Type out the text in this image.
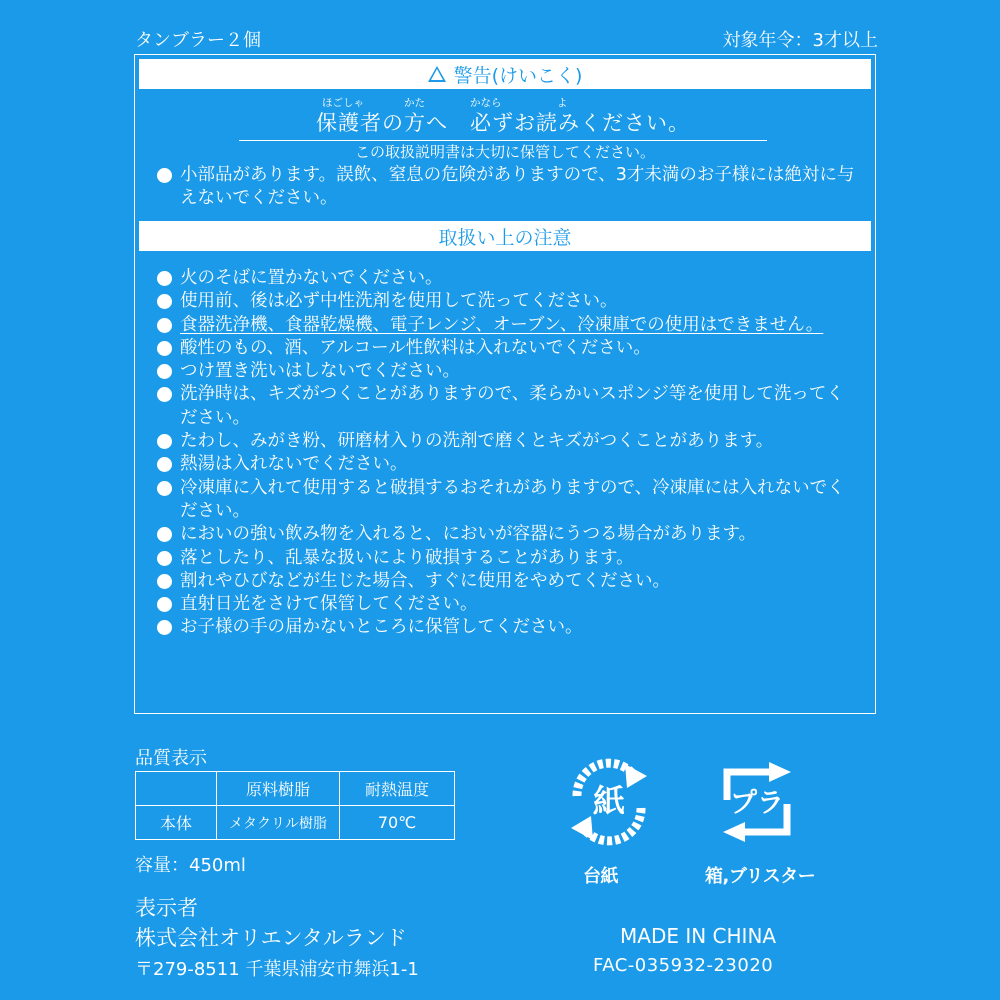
タンブラー２個	対象年令：3才以上
警告(けいこく)
ほごしゃ	かた	かなら	よ
保護者の方へ　必ずお読みください。
この取扱説明書は大切に保管してください。
小部品があります。誤飲、窒息の危険がありますので、3才未満のお子様には絶対に与えないでください。
取扱い上の注意
火のそばに置かないでください。
使用前、後は必ず中性洗剤を使用して洗ってください。
食器洗浄機、食器乾燥機、電子レンジ、オーブン、冷凍庫での使用はできません。
酸性のもの、酒、アルコール性飲料は入れないでください。
つけ置き洗いはしないでください。
洗浄時は、キズがつくことがありますので、柔らかいスポンジ等を使用して洗ってください。
たわし、みがき粉、研磨材入りの洗剤で磨くとキズがつくことがあります。
熱湯は入れないでください。
冷凍庫に入れて使用すると破損するおそれがありますので、冷凍庫には入れないでください。
においの強い飲み物を入れると、においが容器にうつる場合があります。
落としたり、乱暴な扱いにより破損することがあります。
割れやひびなどが生じた場合、すぐに使用をやめてください。
直射日光をさけて保管してください。
お子様の手の届かないところに保管してください。
品質表示
	原料樹脂	耐熱温度
本体	メタクリル樹脂	70℃
容量：450ml
表示者
株式会社オリエンタルランド
〒279-8511 千葉県浦安市舞浜1-1
紙
台紙
プラ
箱,ブリスター
MADE IN CHINA
FAC-035932-23020
